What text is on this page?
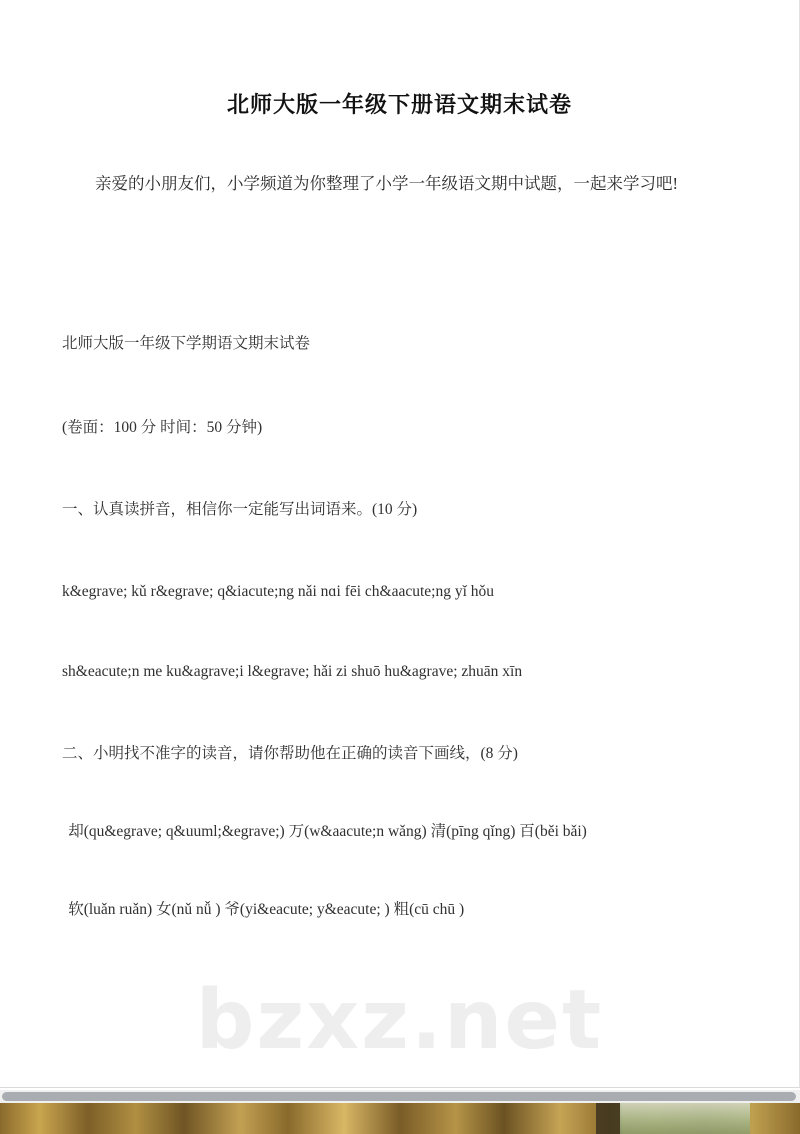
bzxz.net
北师大版一年级下册语文期末试卷

亲爱的小朋友们，小学频道为你整理了小学一年级语文期中试题，一起来学习吧!

北师大版一年级下学期语文期末试卷

(卷面：100 分 时间：50 分钟)

一、认真读拼音，相信你一定能写出词语来。(10 分)

k&egrave; kǔ r&egrave; q&iacute;ng nǎi nɑi fēi ch&aacute;ng yǐ hǒu

sh&eacute;n me ku&agrave;i l&egrave; hǎi zi shuō hu&agrave; zhuān xīn

二、小明找不准字的读音，请你帮助他在正确的读音下画线，(8 分)

却(qu&egrave; q&uuml;&egrave;) 万(w&aacute;n wǎng) 清(pīng qǐng) 百(běi bǎi)

软(luǎn ruǎn) 女(nǔ nǚ ) 爷(yi&eacute; y&eacute; ) 粗(cū chū )
